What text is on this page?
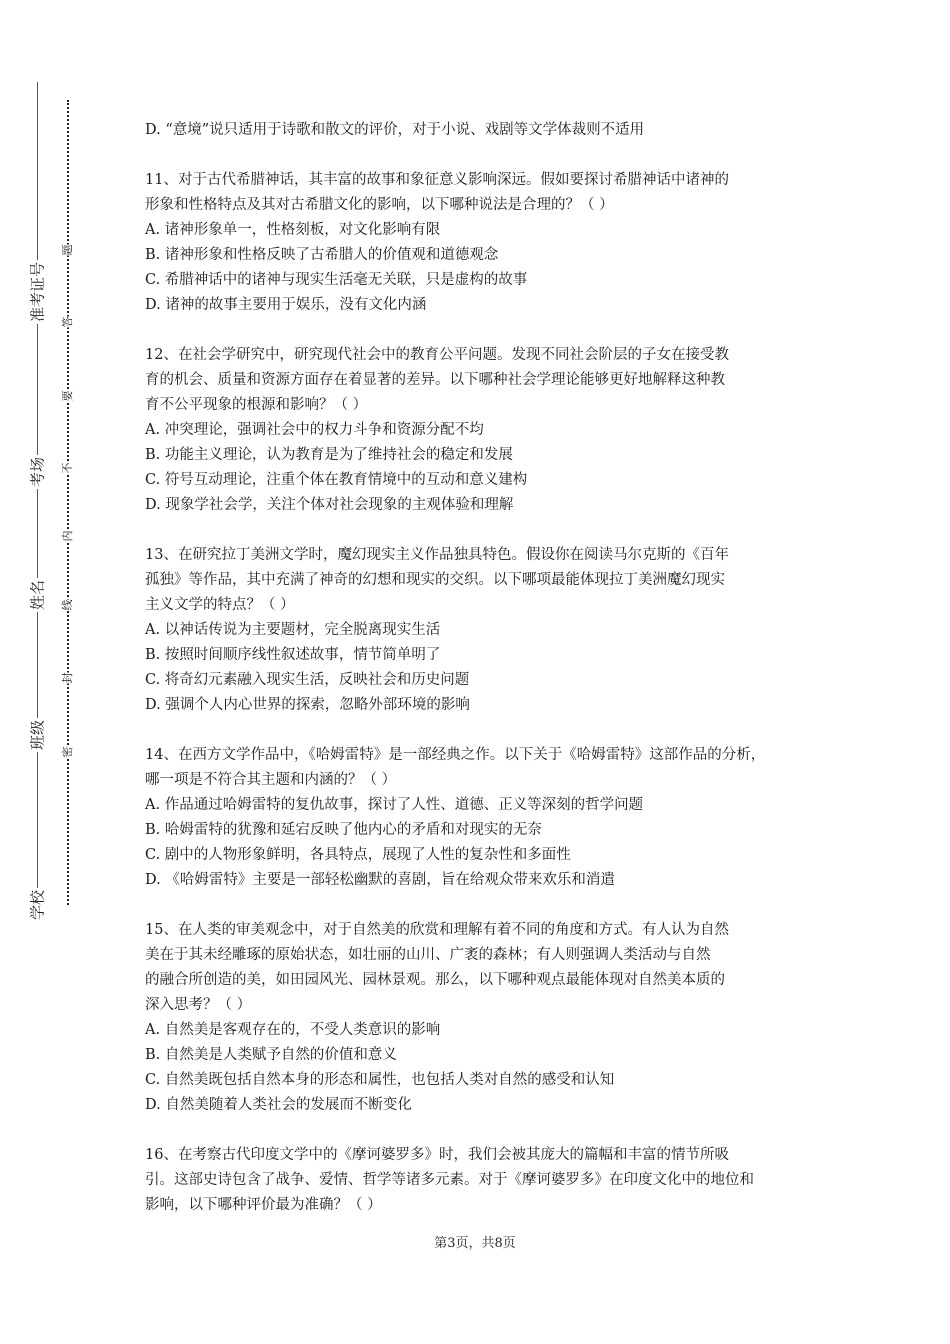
准考证号
考场
姓名
班级
学校
题
答
要
不
内
线
封
密
D. “意境”说只适用于诗歌和散文的评价，对于小说、戏剧等文学体裁则不适用
11、对于古代希腊神话，其丰富的故事和象征意义影响深远。假如要探讨希腊神话中诸神的
形象和性格特点及其对古希腊文化的影响，以下哪种说法是合理的？（ ）
A. 诸神形象单一，性格刻板，对文化影响有限
B. 诸神形象和性格反映了古希腊人的价值观和道德观念
C. 希腊神话中的诸神与现实生活毫无关联，只是虚构的故事
D. 诸神的故事主要用于娱乐，没有文化内涵
12、在社会学研究中，研究现代社会中的教育公平问题。发现不同社会阶层的子女在接受教
育的机会、质量和资源方面存在着显著的差异。以下哪种社会学理论能够更好地解释这种教
育不公平现象的根源和影响？（ ）
A. 冲突理论，强调社会中的权力斗争和资源分配不均
B. 功能主义理论，认为教育是为了维持社会的稳定和发展
C. 符号互动理论，注重个体在教育情境中的互动和意义建构
D. 现象学社会学，关注个体对社会现象的主观体验和理解
13、在研究拉丁美洲文学时，魔幻现实主义作品独具特色。假设你在阅读马尔克斯的《百年
孤独》等作品，其中充满了神奇的幻想和现实的交织。以下哪项最能体现拉丁美洲魔幻现实
主义文学的特点？（ ）
A. 以神话传说为主要题材，完全脱离现实生活
B. 按照时间顺序线性叙述故事，情节简单明了
C. 将奇幻元素融入现实生活，反映社会和历史问题
D. 强调个人内心世界的探索，忽略外部环境的影响
14、在西方文学作品中，《哈姆雷特》是一部经典之作。以下关于《哈姆雷特》这部作品的分析，
哪一项是不符合其主题和内涵的？（ ）
A. 作品通过哈姆雷特的复仇故事，探讨了人性、道德、正义等深刻的哲学问题
B. 哈姆雷特的犹豫和延宕反映了他内心的矛盾和对现实的无奈
C. 剧中的人物形象鲜明，各具特点，展现了人性的复杂性和多面性
D. 《哈姆雷特》主要是一部轻松幽默的喜剧，旨在给观众带来欢乐和消遣
15、在人类的审美观念中，对于自然美的欣赏和理解有着不同的角度和方式。有人认为自然
美在于其未经雕琢的原始状态，如壮丽的山川、广袤的森林；有人则强调人类活动与自然
的融合所创造的美，如田园风光、园林景观。那么，以下哪种观点最能体现对自然美本质的
深入思考？（ ）
A. 自然美是客观存在的，不受人类意识的影响
B. 自然美是人类赋予自然的价值和意义
C. 自然美既包括自然本身的形态和属性，也包括人类对自然的感受和认知
D. 自然美随着人类社会的发展而不断变化
16、在考察古代印度文学中的《摩诃婆罗多》时，我们会被其庞大的篇幅和丰富的情节所吸
引。这部史诗包含了战争、爱情、哲学等诸多元素。对于《摩诃婆罗多》在印度文化中的地位和
影响，以下哪种评价最为准确？（ ）
第3页，共8页
